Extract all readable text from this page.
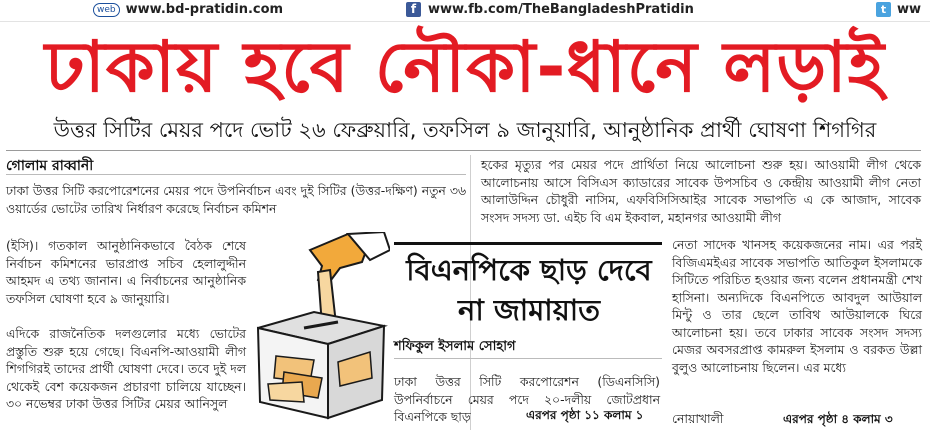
web www.bd-pratidin.com	f www.fb.com/TheBangladeshPratidin	t ww
ঢাকায় হবে নৌকা-ধানে লড়াই
উত্তর সিটির মেয়র পদে ভোট ২৬ ফেব্রুয়ারি, তফসিল ৯ জানুয়ারি, আনুষ্ঠানিক প্রার্থী ঘোষণা শিগগির
গোলাম রাব্বানী
ঢাকা উত্তর সিটি করপোরেশনের মেয়র পদে উপনির্বাচন এবং দুই সিটির (উত্তর-দক্ষিণ) নতুন ৩৬ ওয়ার্ডের ভোটের তারিখ নির্ধারণ করেছে নির্বাচন কমিশন
(ইসি)। গতকাল আনুষ্ঠানিকভাবে বৈঠক শেষে নির্বাচন কমিশনের ভারপ্রাপ্ত সচিব হেলালুদ্দীন আহমদ এ তথ্য জানান। এ নির্বাচনের আনুষ্ঠানিক তফসিল ঘোষণা হবে ৯ জানুয়ারি।
এদিকে রাজনৈতিক দলগুলোর মধ্যে ভোটের প্রস্তুতি শুরু হয়ে গেছে। বিএনপি-আওয়ামী লীগ শিগগিরই তাদের প্রার্থী ঘোষণা দেবে। তবে দুই দল থেকেই বেশ কয়েকজন প্রচারণা চালিয়ে যাচ্ছেন। ৩০ নভেম্বর ঢাকা উত্তর সিটির মেয়র আনিসুল
হকের মৃত্যুর পর মেয়র পদে প্রার্থিতা নিয়ে আলোচনা শুরু হয়। আওয়ামী লীগ থেকে আলোচনায় আসে বিসিএস ক্যাডারের সাবেক উপসচিব ও কেন্দ্রীয় আওয়ামী লীগ নেতা আলাউদ্দিন চৌধুরী নাসিম, এফবিসিসিআইর সাবেক সভাপতি এ কে আজাদ, সাবেক সংসদ সদস্য ডা. এইচ বি এম ইকবাল, মহানগর আওয়ামী লীগ
নেতা সাদেক খানসহ কয়েকজনের নাম। এর পরই বিজিএমইএর সাবেক সভাপতি আতিকুল ইসলামকে সিটিতে পরিচিত হওয়ার জন্য বলেন প্রধানমন্ত্রী শেখ হাসিনা। অন্যদিকে বিএনপিতে আবদুল আউয়াল মিন্টু ও তার ছেলে তাবিথ আউয়ালকে ঘিরে আলোচনা হয়। তবে ঢাকার সাবেক সংসদ সদস্য মেজর অবসরপ্রাপ্ত কামরুল ইসলাম ও বরকত উল্লা বুলুও আলোচনায় ছিলেন। এর মধ্যে
নোয়াখালী	এরপর পৃষ্ঠা ৪ কলাম ৩
বিএনপিকে ছাড় দেবে না জামায়াত
শফিকুল ইসলাম সোহাগ
ঢাকা উত্তর সিটি করপোরেশন (ডিএনসিসি) উপনির্বাচনে মেয়র পদে ২০-দলীয় জোটপ্রধান বিএনপিকে ছাড়	এরপর পৃষ্ঠা ১১ কলাম ১
